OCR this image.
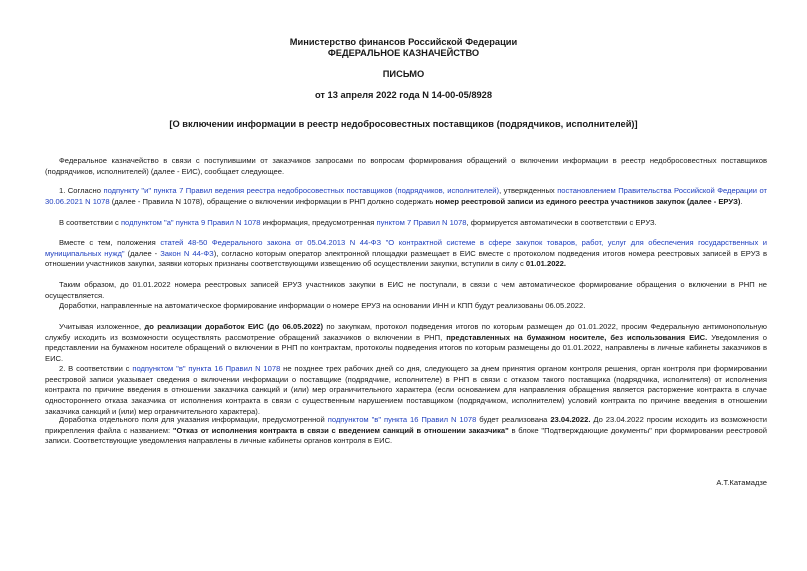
Министерство финансов Российской Федерации
ФЕДЕРАЛЬНОЕ КАЗНАЧЕЙСТВО
ПИСЬМО
от 13 апреля 2022 года N 14-00-05/8928
[О включении информации в реестр недобросовестных поставщиков (подрядчиков, исполнителей)]
Федеральное казначейство в связи с поступившими от заказчиков запросами по вопросам формирования обращений о включении информации в реестр недобросовестных поставщиков (подрядчиков, исполнителей) (далее - ЕИС), сообщает следующее.
1. Согласно подпункту "и" пункта 7 Правил ведения реестра недобросовестных поставщиков (подрядчиков, исполнителей), утвержденных постановлением Правительства Российской Федерации от 30.06.2021 N 1078 (далее - Правила N 1078), обращение о включении информации в РНП должно содержать номер реестровой записи из единого реестра участников закупок (далее - ЕРУЗ).
В соответствии с подпунктом "а" пункта 9 Правил N 1078 информация, предусмотренная пунктом 7 Правил N 1078, формируется автоматически в соответствии с ЕРУЗ.
Вместе с тем, положения статей 48-50 Федерального закона от 05.04.2013 N 44-ФЗ "О контрактной системе в сфере закупок товаров, работ, услуг для обеспечения государственных и муниципальных нужд" (далее - Закон N 44-ФЗ), согласно которым оператор электронной площадки размещает в ЕИС вместе с протоколом подведения итогов номера реестровых записей в ЕРУЗ в отношении участников закупки, заявки которых признаны соответствующими извещению об осуществлении закупки, вступили в силу с 01.01.2022.
Таким образом, до 01.01.2022 номера реестровых записей ЕРУЗ участников закупки в ЕИС не поступали, в связи с чем автоматическое формирование обращения о включении в РНП не осуществляется.
Доработки, направленные на автоматическое формирование информации о номере ЕРУЗ на основании ИНН и КПП будут реализованы 06.05.2022.
Учитывая изложенное, до реализации доработок ЕИС (до 06.05.2022) по закупкам, протокол подведения итогов по которым размещен до 01.01.2022, просим Федеральную антимонопольную службу исходить из возможности осуществлять рассмотрение обращений заказчиков о включении в РНП, представленных на бумажном носителе, без использования ЕИС. Уведомления о представлении на бумажном носителе обращений о включении в РНП по контрактам, протоколы подведения итогов по которым размещены до 01.01.2022, направлены в личные кабинеты заказчиков в ЕИС.
2. В соответствии с подпунктом "в" пункта 16 Правил N 1078 не позднее трех рабочих дней со дня, следующего за днем принятия органом контроля решения, орган контроля при формировании реестровой записи указывает сведения о включении информации о поставщике (подрядчике, исполнителе) в РНП в связи с отказом такого поставщика (подрядчика, исполнителя) от исполнения контракта по причине введения в отношении заказчика санкций и (или) мер ограничительного характера (если основанием для направления обращения является расторжение контракта в случае одностороннего отказа заказчика от исполнения контракта в связи с существенным нарушением поставщиком (подрядчиком, исполнителем) условий контракта по причине введения в отношении заказчика санкций и (или) мер ограничительного характера).
Доработка отдельного поля для указания информации, предусмотренной подпунктом "в" пункта 16 Правил N 1078 будет реализована 23.04.2022. До 23.04.2022 просим исходить из возможности прикрепления файла с названием: "Отказ от исполнения контракта в связи с введением санкций в отношении заказчика" в блоке "Подтверждающие документы" при формировании реестровой записи. Соответствующие уведомления направлены в личные кабинеты органов контроля в ЕИС.
А.Т.Катамадзе
